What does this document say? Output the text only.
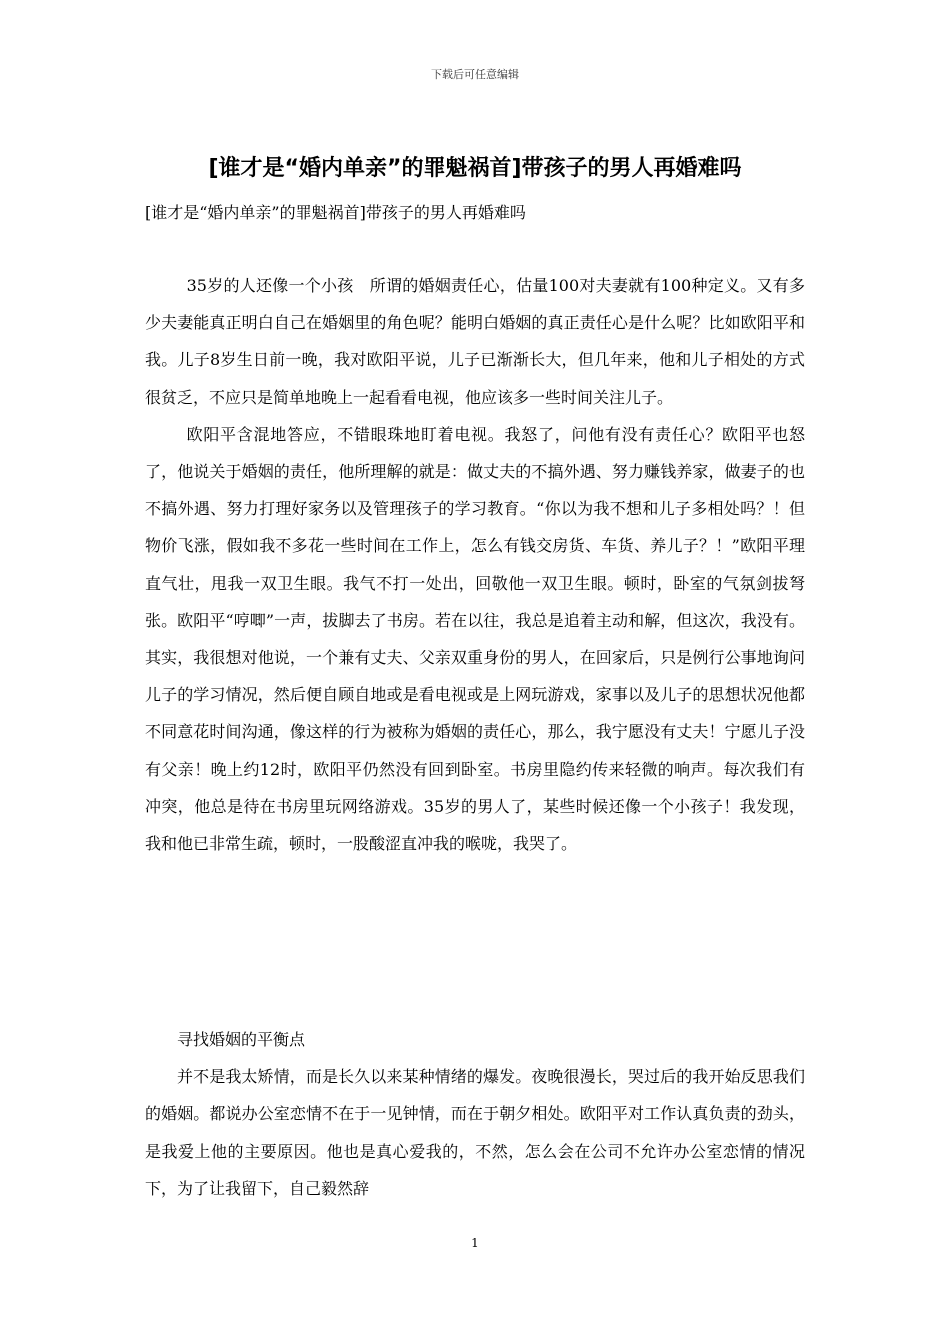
下载后可任意编辑
[谁才是“婚内单亲”的罪魁祸首]带孩子的男人再婚难吗
[谁才是“婚内单亲”的罪魁祸首]带孩子的男人再婚难吗

35岁的人还像一个小孩　所谓的婚姻责任心，估量100对夫妻就有100种定义。又有多少夫妻能真正明白自己在婚姻里的角色呢？能明白婚姻的真正责任心是什么呢？比如欧阳平和我。儿子8岁生日前一晚，我对欧阳平说，儿子已渐渐长大，但几年来，他和儿子相处的方式很贫乏，不应只是简单地晚上一起看看电视，他应该多一些时间关注儿子。

欧阳平含混地答应，不错眼珠地盯着电视。我怒了，问他有没有责任心？欧阳平也怒了，他说关于婚姻的责任，他所理解的就是：做丈夫的不搞外遇、努力赚钱养家，做妻子的也不搞外遇、努力打理好家务以及管理孩子的学习教育。“你以为我不想和儿子多相处吗？！但物价飞涨，假如我不多花一些时间在工作上，怎么有钱交房货、车货、养儿子？！”欧阳平理直气壮，甩我一双卫生眼。我气不打一处出，回敬他一双卫生眼。顿时，卧室的气氛剑拔弩张。欧阳平“哼唧”一声，拔脚去了书房。若在以往，我总是追着主动和解，但这次，我没有。其实，我很想对他说，一个兼有丈夫、父亲双重身份的男人，在回家后，只是例行公事地询问儿子的学习情况，然后便自顾自地或是看电视或是上网玩游戏，家事以及儿子的思想状况他都不同意花时间沟通，像这样的行为被称为婚姻的责任心，那么，我宁愿没有丈夫！宁愿儿子没有父亲！晚上约12时，欧阳平仍然没有回到卧室。书房里隐约传来轻微的响声。每次我们有冲突，他总是待在书房里玩网络游戏。35岁的男人了，某些时候还像一个小孩子！我发现，我和他已非常生疏，顿时，一股酸涩直冲我的喉咙，我哭了。

寻找婚姻的平衡点

并不是我太矫情，而是长久以来某种情绪的爆发。夜晚很漫长，哭过后的我开始反思我们的婚姻。都说办公室恋情不在于一见钟情，而在于朝夕相处。欧阳平对工作认真负责的劲头，是我爱上他的主要原因。他也是真心爱我的，不然，怎么会在公司不允许办公室恋情的情况下，为了让我留下，自己毅然辞

1
